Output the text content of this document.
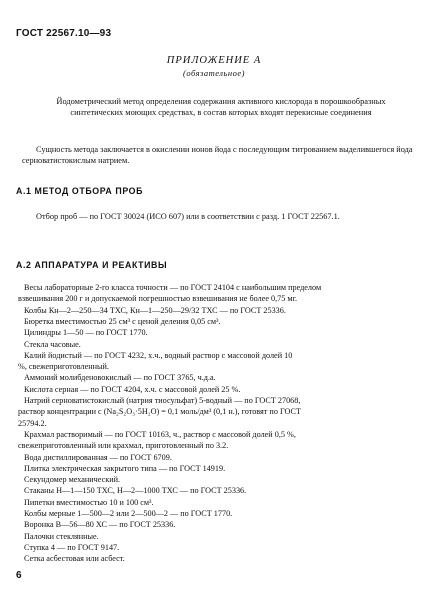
ГОСТ 22567.10—93
ПРИЛОЖЕНИЕ А
(обязательное)
Йодометрический метод определения содержания активного кислорода в порошкообразных синтетических моющих средствах, в состав которых входят перекисные соединения
Сущность метода заключается в окислении ионов йода с последующим титрованием выделившегося йода серноватистокислым натрием.
А.1 МЕТОД ОТБОРА ПРОБ
Отбор проб — по ГОСТ 30024 (ИСО 607) или в соответствии с разд. 1 ГОСТ 22567.1.
А.2 АППАРАТУРА И РЕАКТИВЫ
Весы лабораторные 2-го класса точности — по ГОСТ 24104 с наибольшим пределом
взвешивания 200 г и допускаемой погрешностью взвешивания не более 0,75 мг.
Колбы Кн—2—250—34 ТХС, Кн—1—250—29/32 ТХС — по ГОСТ 25336.
Бюретка вместимостью 25 см³ с ценой деления 0,05 см³.
Цилиндры 1—50 — по ГОСТ 1770.
Стекла часовые.
Калий йодистый — по ГОСТ 4232, х.ч., водный раствор с массовой долей 10
%, свежеприготовленный.
Аммоний молибденовокислый — по ГОСТ 3765, ч.д.а.
Кислота серная — по ГОСТ 4204, х.ч. с массовой долей 25 %.
Натрий серноватистокислый (натрия тиосульфат) 5-водный — по ГОСТ 27068,
раствор концентрации с (Na₂S₂O₃·5H₂O) = 0,1 моль/дм³ (0,1 н.), готовят по ГОСТ
25794.2.
Крахмал растворимый — по ГОСТ 10163, ч., раствор с массовой долей 0,5 %,
свежеприготовленный или крахмал, приготовленный по 3.2.
Вода дистиллированная — по ГОСТ 6709.
Плитка электрическая закрытого типа — по ГОСТ 14919.
Секундомер механический.
Стаканы Н—1—150 ТХС, Н—2—1000 ТХС — по ГОСТ 25336.
Пипетки вместимостью 10 и 100 см³.
Колбы мерные 1—500—2 или 2—500—2 — по ГОСТ 1770.
Воронка В—56—80 ХС — по ГОСТ 25336.
Палочки стеклянные.
Ступка 4 — по ГОСТ 9147.
Сетка асбестовая или асбест.
6
